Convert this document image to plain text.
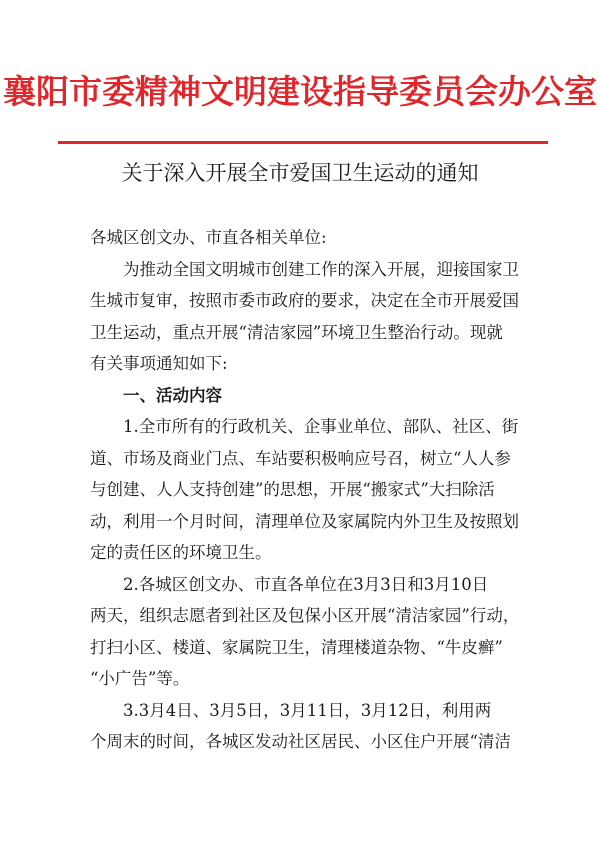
襄阳市委精神文明建设指导委员会办公室
关于深入开展全市爱国卫生运动的通知

各城区创文办、市直各相关单位:

为推动全国文明城市创建工作的深入开展，迎接国家卫

生城市复审，按照市委市政府的要求，决定在全市开展爱国

卫生运动，重点开展“清洁家园”环境卫生整治行动。现就

有关事项通知如下:

一、活动内容

1.全市所有的行政机关、企事业单位、部队、社区、街

道、市场及商业门点、车站要积极响应号召，树立“人人参

与创建、人人支持创建”的思想，开展“搬家式”大扫除活

动，利用一个月时间，清理单位及家属院内外卫生及按照划

定的责任区的环境卫生。

2.各城区创文办、市直各单位在3月3日和3月10日

两天，组织志愿者到社区及包保小区开展“清洁家园”行动，

打扫小区、楼道、家属院卫生，清理楼道杂物、“牛皮癣”

“小广告”等。

3.3月4日、3月5日，3月11日，3月12日，利用两

个周末的时间，各城区发动社区居民、小区住户开展“清洁
